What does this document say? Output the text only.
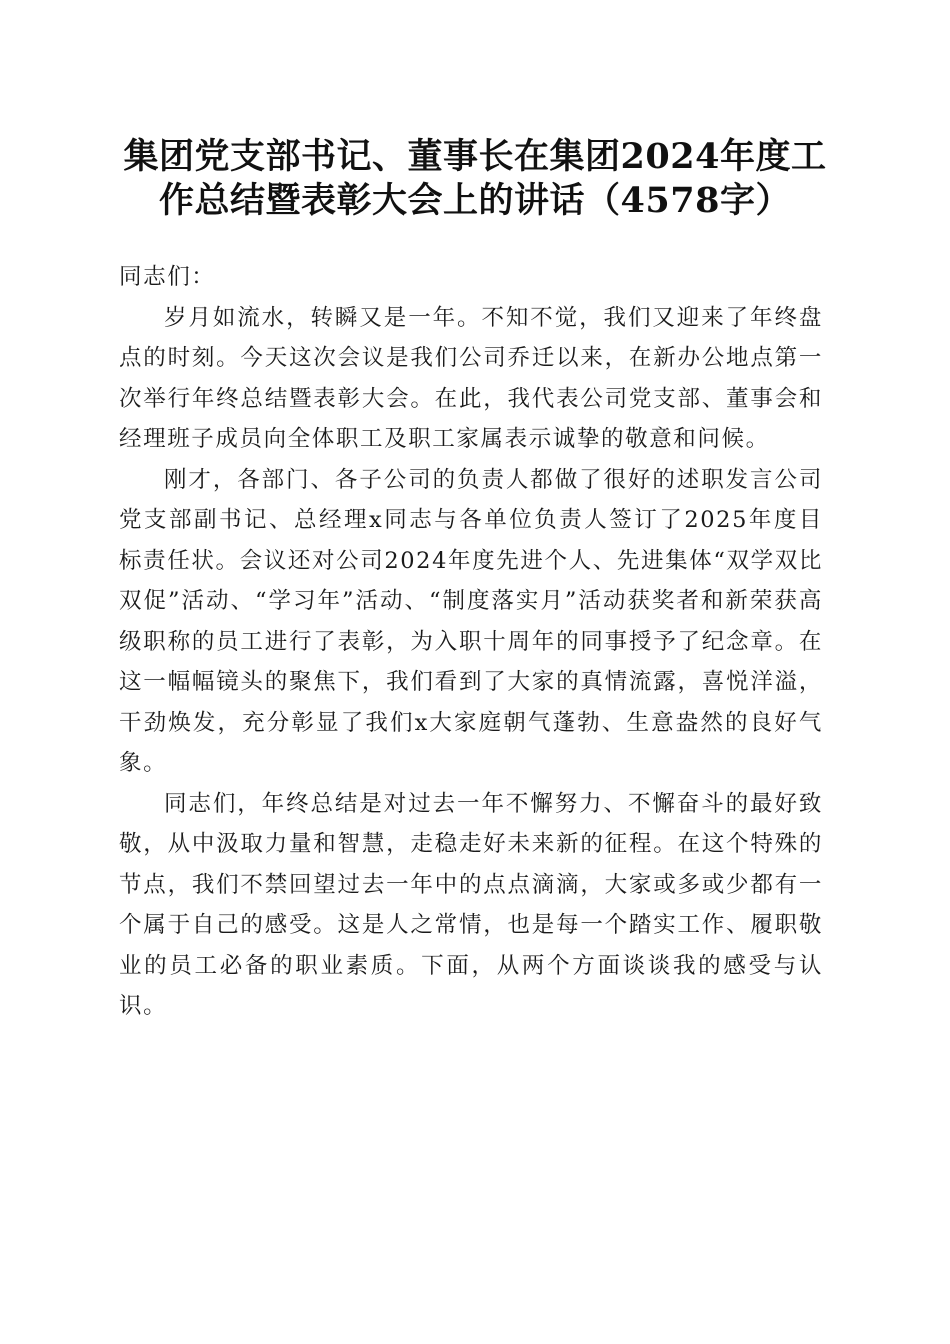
集团党支部书记、董事长在集团2024年度工
作总结暨表彰大会上的讲话（4578字）

同志们：

岁月如流水，转瞬又是一年。不知不觉，我们又迎来了年终盘点的时刻。今天这次会议是我们公司乔迁以来，在新办公地点第一次举行年终总结暨表彰大会。在此，我代表公司党支部、董事会和经理班子成员向全体职工及职工家属表示诚挚的敬意和问候。

刚才，各部门、各子公司的负责人都做了很好的述职发言公司党支部副书记、总经理x同志与各单位负责人签订了2025年度目标责任状。会议还对公司2024年度先进个人、先进集体“双学双比双促”活动、“学习年”活动、“制度落实月”活动获奖者和新荣获高级职称的员工进行了表彰，为入职十周年的同事授予了纪念章。在这一幅幅镜头的聚焦下，我们看到了大家的真情流露，喜悦洋溢，干劲焕发，充分彰显了我们x大家庭朝气蓬勃、生意盎然的良好气象。

同志们，年终总结是对过去一年不懈努力、不懈奋斗的最好致敬，从中汲取力量和智慧，走稳走好未来新的征程。在这个特殊的节点，我们不禁回望过去一年中的点点滴滴，大家或多或少都有一个属于自己的感受。这是人之常情，也是每一个踏实工作、履职敬业的员工必备的职业素质。下面，从两个方面谈谈我的感受与认识。
